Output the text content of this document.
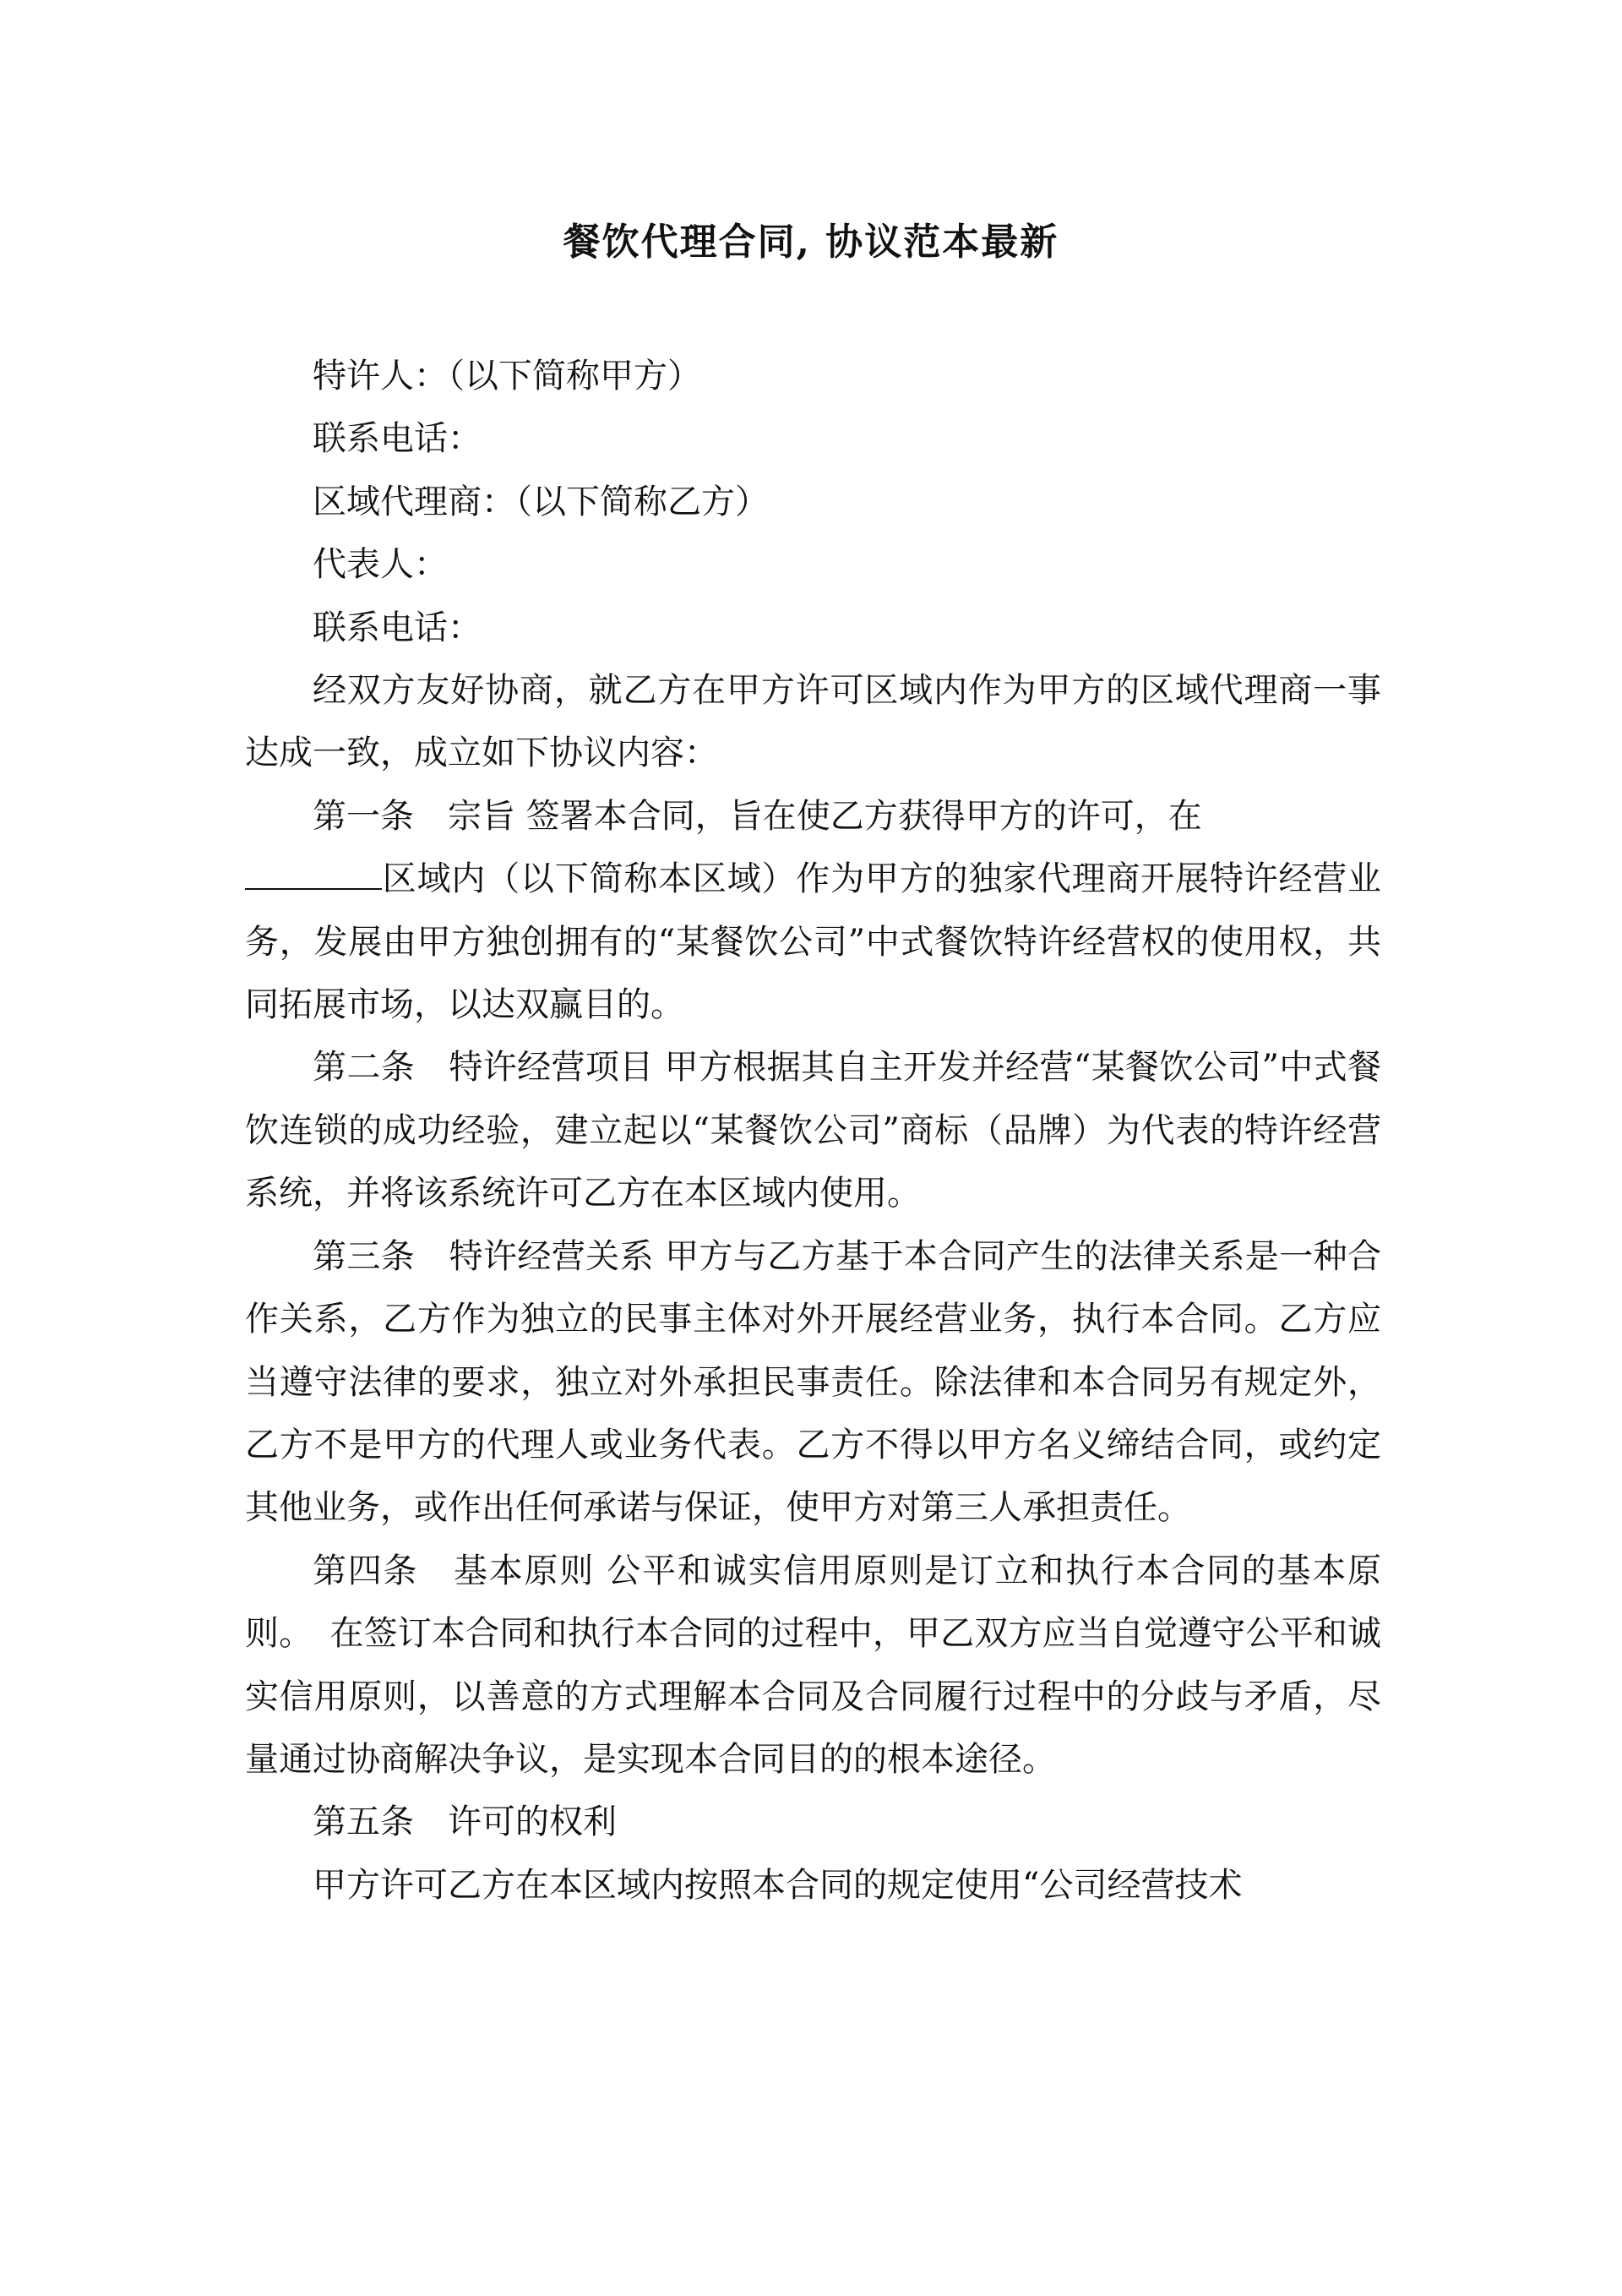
餐饮代理合同, 协议范本最新

特许人：（以下简称甲方）

联系电话：

区域代理商：（以下简称乙方）

代表人：

联系电话：

经双方友好协商，就乙方在甲方许可区域内作为甲方的区域代理商一事达成一致，成立如下协议内容：

第一条　宗旨 签署本合同，旨在使乙方获得甲方的许可，在
区域内（以下简称本区域）作为甲方的独家代理商开展特许经营业务，发展由甲方独创拥有的“某餐饮公司”中式餐饮特许经营权的使用权，共同拓展市场，以达双赢目的。

第二条　特许经营项目 甲方根据其自主开发并经营“某餐饮公司”中式餐饮连锁的成功经验，建立起以“某餐饮公司”商标（品牌）为代表的特许经营系统，并将该系统许可乙方在本区域内使用。

第三条　特许经营关系 甲方与乙方基于本合同产生的法律关系是一种合作关系，乙方作为独立的民事主体对外开展经营业务，执行本合同。乙方应当遵守法律的要求，独立对外承担民事责任。除法律和本合同另有规定外，乙方不是甲方的代理人或业务代表。乙方不得以甲方名义缔结合同，或约定其他业务，或作出任何承诺与保证，使甲方对第三人承担责任。

第四条　基本原则 公平和诚实信用原则是订立和执行本合同的基本原则。　在签订本合同和执行本合同的过程中，甲乙双方应当自觉遵守公平和诚实信用原则，以善意的方式理解本合同及合同履行过程中的分歧与矛盾，尽量通过协商解决争议，是实现本合同目的的根本途径。

第五条　许可的权利

甲方许可乙方在本区域内按照本合同的规定使用“公司经营技术
